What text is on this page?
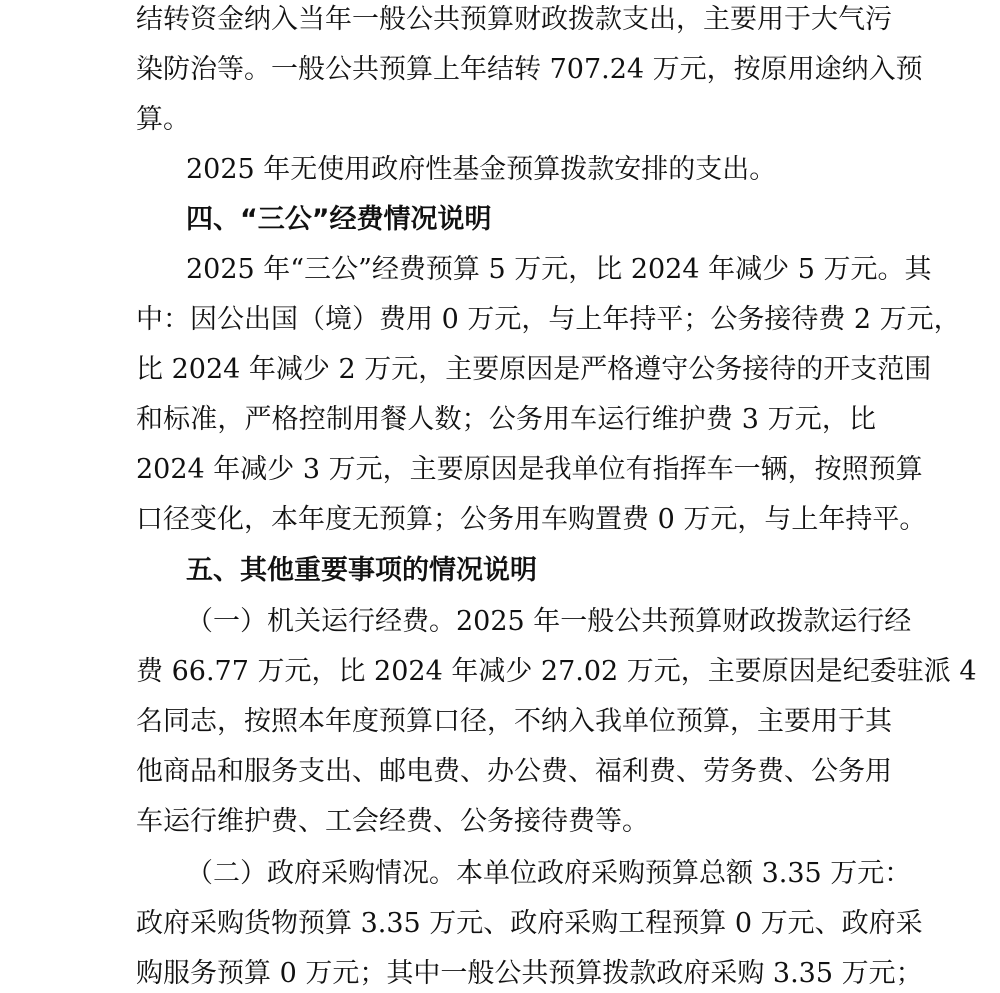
结转资金纳入当年一般公共预算财政拨款支出，主要用于大气污
染防治等。一般公共预算上年结转 707.24 万元，按原用途纳入预
算。
2025 年无使用政府性基金预算拨款安排的支出。
四、“三公”经费情况说明
2025 年“三公”经费预算 5 万元，比 2024 年减少 5 万元。其
中：因公出国（境）费用 0 万元，与上年持平；公务接待费 2 万元，
比 2024 年减少 2 万元，主要原因是严格遵守公务接待的开支范围
和标准，严格控制用餐人数；公务用车运行维护费 3 万元，比
2024 年减少 3 万元，主要原因是我单位有指挥车一辆，按照预算
口径变化，本年度无预算；公务用车购置费 0 万元，与上年持平。
五、其他重要事项的情况说明
（一）机关运行经费。2025 年一般公共预算财政拨款运行经
费 66.77 万元，比 2024 年减少 27.02 万元，主要原因是纪委驻派 4
名同志，按照本年度预算口径，不纳入我单位预算，主要用于其
他商品和服务支出、邮电费、办公费、福利费、劳务费、公务用
车运行维护费、工会经费、公务接待费等。
（二）政府采购情况。本单位政府采购预算总额 3.35 万元：
政府采购货物预算 3.35 万元、政府采购工程预算 0 万元、政府采
购服务预算 0 万元；其中一般公共预算拨款政府采购 3.35 万元；
